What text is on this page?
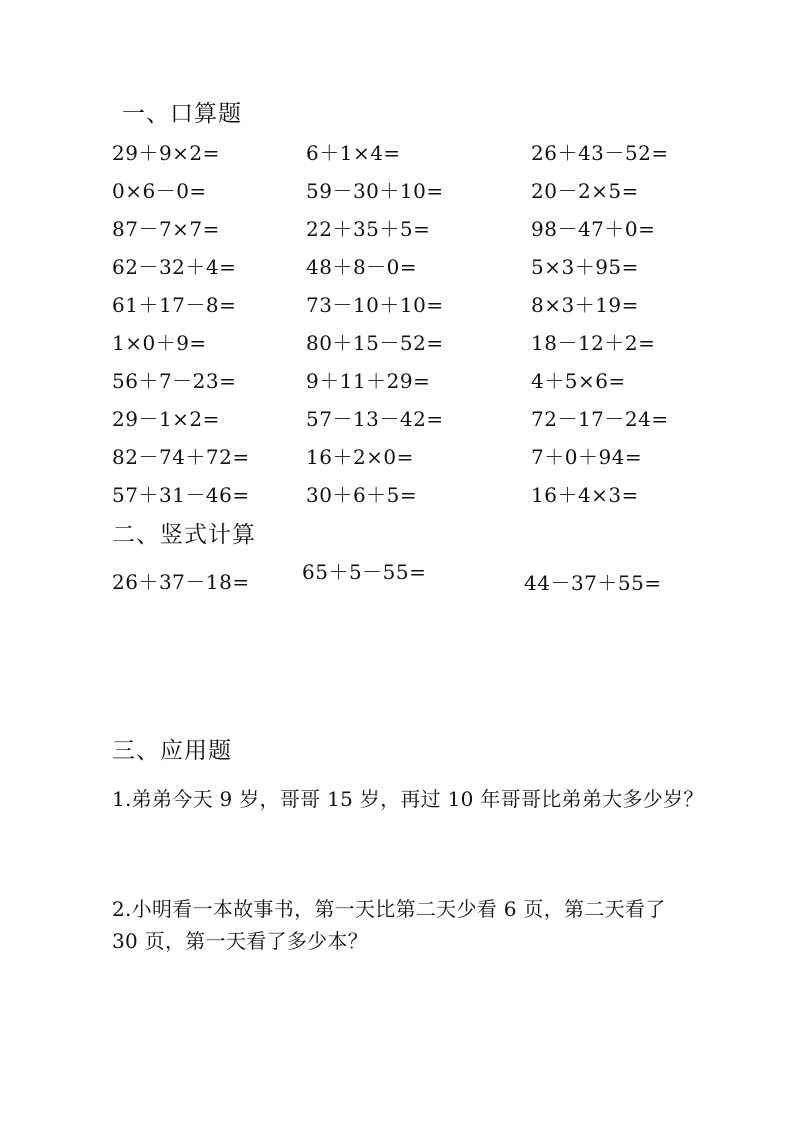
一、口算题
29＋9×2=	6＋1×4=	26＋43－52=
0×6－0=	59－30＋10=	20－2×5=
87－7×7=	22＋35＋5=	98－47＋0=
62－32＋4=	48＋8－0=	5×3＋95=
61＋17－8=	73－10＋10=	8×3＋19=
1×0＋9=	80＋15－52=	18－12＋2=
56＋7－23=	9＋11＋29=	4＋5×6=
29－1×2=	57－13－42=	72－17－24=
82－74＋72=	16＋2×0=	7＋0＋94=
57＋31－46=	30＋6＋5=	16＋4×3=
二、竖式计算
26＋37－18=	65＋5－55=	44－37＋55=
三、应用题
1.弟弟今天 9 岁，哥哥 15 岁，再过 10 年哥哥比弟弟大多少岁？
2.小明看一本故事书，第一天比第二天少看 6 页，第二天看了
30 页，第一天看了多少本？
